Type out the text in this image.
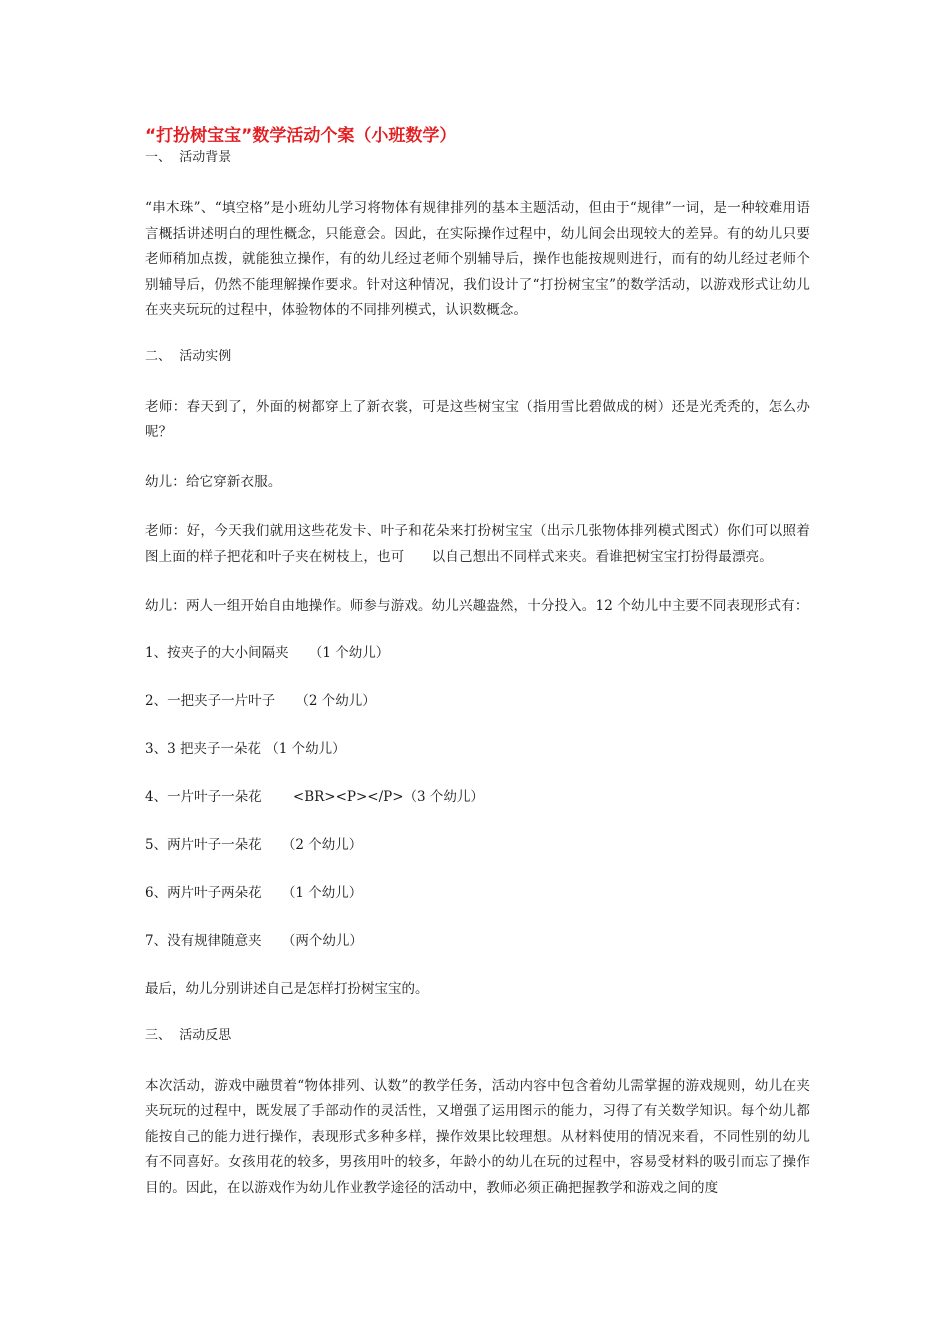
“打扮树宝宝”数学活动个案（小班数学）
一、  活动背景

“串木珠”、“填空格”是小班幼儿学习将物体有规律排列的基本主题活动，但由于“规律”一词，是一种较难用语言概括讲述明白的理性概念，只能意会。因此，在实际操作过程中，幼儿间会出现较大的差异。有的幼儿只要老师稍加点拨，就能独立操作，有的幼儿经过老师个别辅导后，操作也能按规则进行，而有的幼儿经过老师个别辅导后，仍然不能理解操作要求。针对这种情况，我们设计了“打扮树宝宝”的数学活动，以游戏形式让幼儿在夹夹玩玩的过程中，体验物体的不同排列模式，认识数概念。

二、  活动实例

老师：春天到了，外面的树都穿上了新衣裳，可是这些树宝宝（指用雪比碧做成的树）还是光秃秃的，怎么办呢？

幼儿：给它穿新衣服。

老师：好，今天我们就用这些花发卡、叶子和花朵来打扮树宝宝（出示几张物体排列模式图式）你们可以照着图上面的样子把花和叶子夹在树枝上，也可　　以自己想出不同样式来夹。看谁把树宝宝打扮得最漂亮。

幼儿：两人一组开始自由地操作。师参与游戏。幼儿兴趣盎然，十分投入。12 个幼儿中主要不同表现形式有：

1、按夹子的大小间隔夹　　（1 个幼儿）
2、一把夹子一片叶子　　（2 个幼儿）
3、3 把夹子一朵花 （1 个幼儿）
4、一片叶子一朵花　　 <BR><P></P>（3 个幼儿）
5、两片叶子一朵花　　（2 个幼儿）
6、两片叶子两朵花　　（1 个幼儿）
7、没有规律随意夹　　（两个幼儿）
最后，幼儿分别讲述自己是怎样打扮树宝宝的。
三、  活动反思

本次活动，游戏中融贯着“物体排列、认数”的教学任务，活动内容中包含着幼儿需掌握的游戏规则，幼儿在夹夹玩玩的过程中，既发展了手部动作的灵活性，又增强了运用图示的能力，习得了有关数学知识。每个幼儿都能按自己的能力进行操作，表现形式多种多样，操作效果比较理想。从材料使用的情况来看，不同性别的幼儿有不同喜好。女孩用花的较多，男孩用叶的较多，年龄小的幼儿在玩的过程中，容易受材料的吸引而忘了操作目的。因此，在以游戏作为幼儿作业教学途径的活动中，教师必须正确把握教学和游戏之间的度
